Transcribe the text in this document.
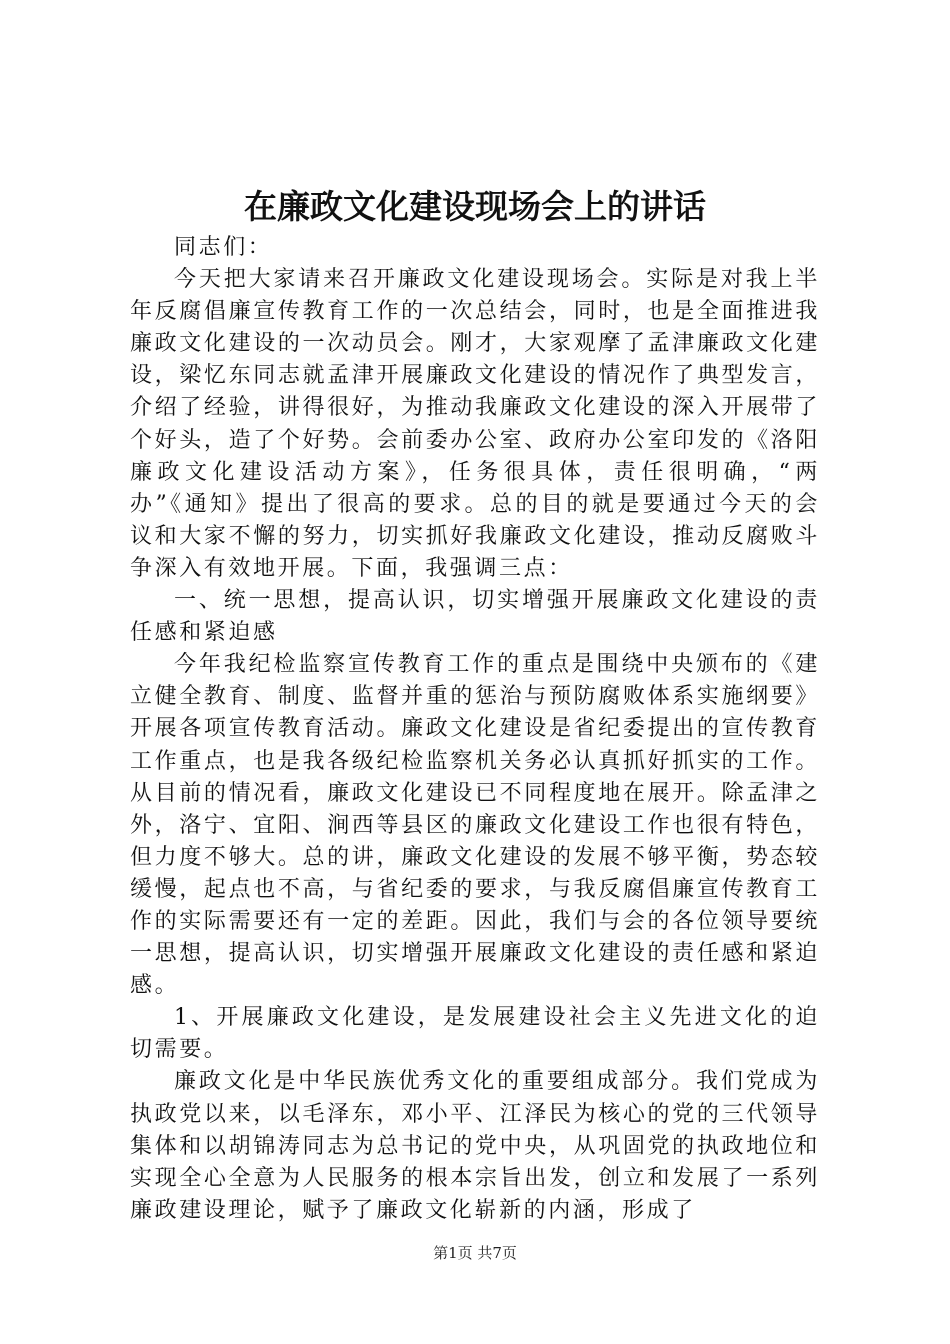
在廉政文化建设现场会上的讲话

同志们：

今天把大家请来召开廉政文化建设现场会。实际是对我上半年反腐倡廉宣传教育工作的一次总结会，同时，也是全面推进我廉政文化建设的一次动员会。刚才，大家观摩了孟津廉政文化建设，梁忆东同志就孟津开展廉政文化建设的情况作了典型发言，介绍了经验，讲得很好，为推动我廉政文化建设的深入开展带了个好头，造了个好势。会前委办公室、政府办公室印发的《洛阳廉政文化建设活动方案》，任务很具体，责任很明确，“两办”《通知》提出了很高的要求。总的目的就是要通过今天的会议和大家不懈的努力，切实抓好我廉政文化建设，推动反腐败斗争深入有效地开展。下面，我强调三点：

一、统一思想，提高认识，切实增强开展廉政文化建设的责任感和紧迫感

今年我纪检监察宣传教育工作的重点是围绕中央颁布的《建立健全教育、制度、监督并重的惩治与预防腐败体系实施纲要》开展各项宣传教育活动。廉政文化建设是省纪委提出的宣传教育工作重点，也是我各级纪检监察机关务必认真抓好抓实的工作。从目前的情况看，廉政文化建设已不同程度地在展开。除孟津之外，洛宁、宜阳、涧西等县区的廉政文化建设工作也很有特色，但力度不够大。总的讲，廉政文化建设的发展不够平衡，势态较缓慢，起点也不高，与省纪委的要求，与我反腐倡廉宣传教育工作的实际需要还有一定的差距。因此，我们与会的各位领导要统一思想，提高认识，切实增强开展廉政文化建设的责任感和紧迫感。

1、开展廉政文化建设，是发展建设社会主义先进文化的迫切需要。

廉政文化是中华民族优秀文化的重要组成部分。我们党成为执政党以来，以毛泽东，邓小平、江泽民为核心的党的三代领导集体和以胡锦涛同志为总书记的党中央，从巩固党的执政地位和实现全心全意为人民服务的根本宗旨出发，创立和发展了一系列廉政建设理论，赋予了廉政文化崭新的内涵，形成了

第1页 共7页
